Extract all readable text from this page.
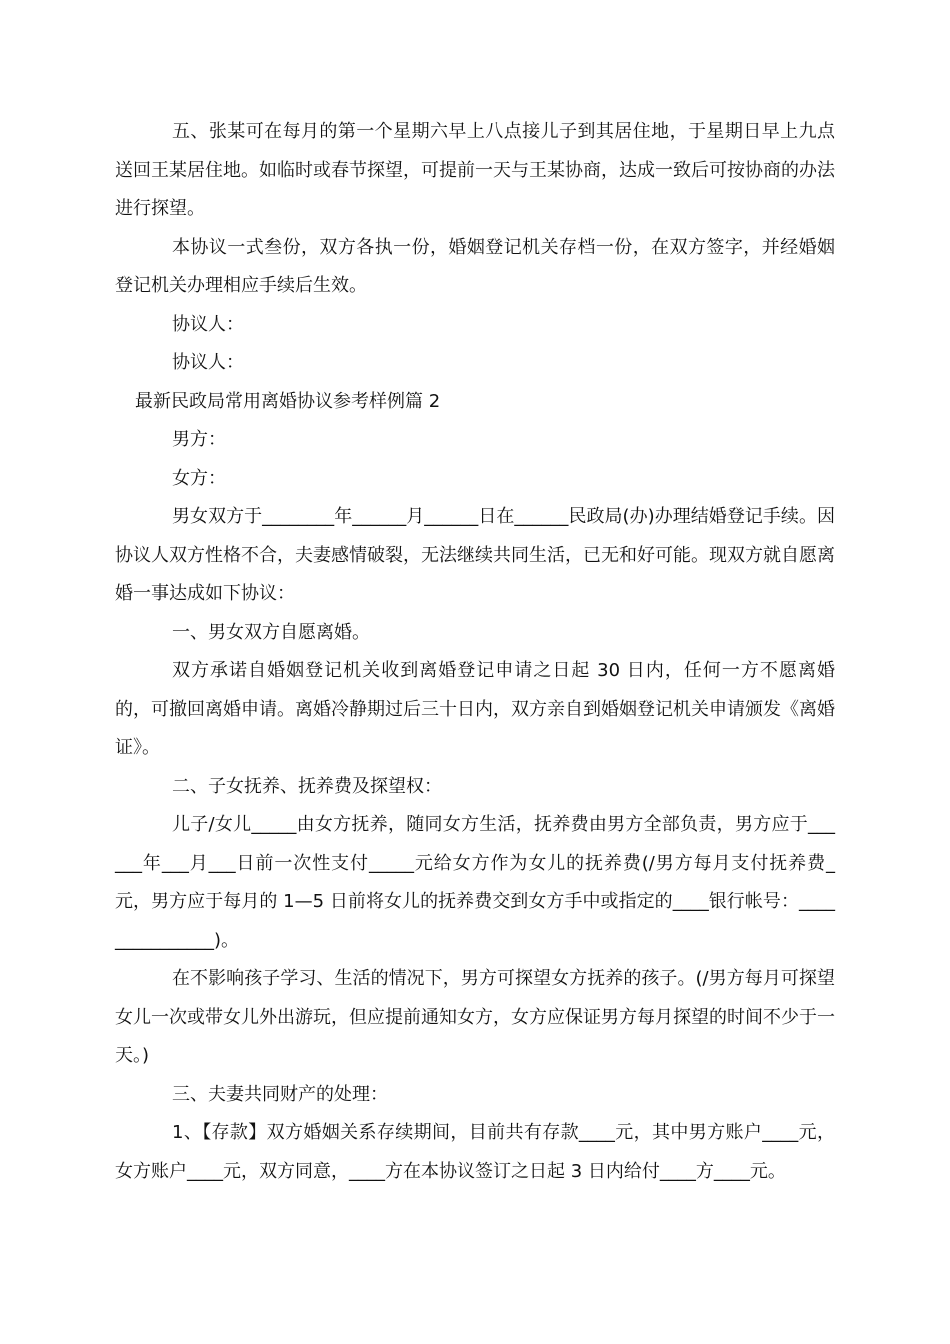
五、张某可在每月的第一个星期六早上八点接儿子到其居住地，于星期日早上九点送回王某居住地。如临时或春节探望，可提前一天与王某协商，达成一致后可按协商的办法进行探望。

本协议一式叁份，双方各执一份，婚姻登记机关存档一份，在双方签字，并经婚姻登记机关办理相应手续后生效。

协议人：

协议人：

最新民政局常用离婚协议参考样例篇 2

男方：

女方：

男女双方于________年______月______日在______民政局(办)办理结婚登记手续。因协议人双方性格不合，夫妻感情破裂，无法继续共同生活，已无和好可能。现双方就自愿离婚一事达成如下协议：

一、男女双方自愿离婚。

双方承诺自婚姻登记机关收到离婚登记申请之日起 30 日内，任何一方不愿离婚的，可撤回离婚申请。离婚冷静期过后三十日内，双方亲自到婚姻登记机关申请颁发《离婚证》。

二、子女抚养、抚养费及探望权：

儿子/女儿_____由女方抚养，随同女方生活，抚养费由男方全部负责，男方应于______年___月___日前一次性支付_____元给女方作为女儿的抚养费(/男方每月支付抚养费_元，男方应于每月的 1—5 日前将女儿的抚养费交到女方手中或指定的____银行帐号：_______________)。

在不影响孩子学习、生活的情况下，男方可探望女方抚养的孩子。(/男方每月可探望女儿一次或带女儿外出游玩，但应提前通知女方，女方应保证男方每月探望的时间不少于一天。)

三、夫妻共同财产的处理：

1、【存款】双方婚姻关系存续期间，目前共有存款____元，其中男方账户____元，女方账户____元，双方同意，____方在本协议签订之日起 3 日内给付____方____元。
